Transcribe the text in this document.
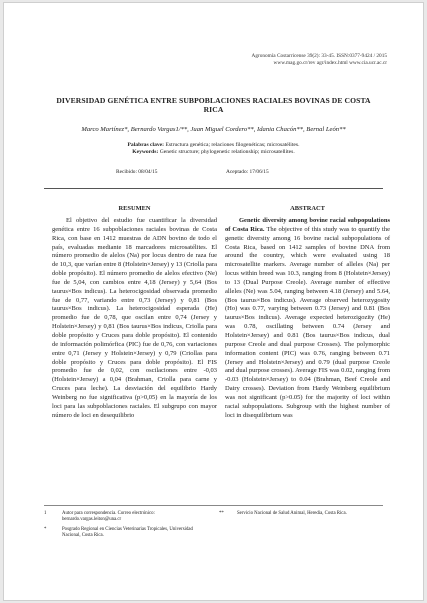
Agronomía Costarricense 39(2): 33-45. ISSN:0377-9424 / 2015
www.mag.go.cr/rev agr/index.html www.cia.ucr.ac.cr
DIVERSIDAD GENÉTICA ENTRE SUBPOBLACIONES RACIALES BOVINAS DE COSTA RICA
Marco Martínez*, Bernardo Vargas1/**, Juan Miguel Cordero**, Idania Chacón**, Bernal León**
Palabras clave: Estructura genética; relaciones filogenéticas; microsatélites.
Keywords: Genetic structure; phylogenetic relationship; microsatellites.
Recibido: 08/04/15	Aceptado: 17/06/15
RESUMEN	ABSTRACT

El objetivo del estudio fue cuantificar la diversidad genética entre 16 subpoblaciones raciales bovinas de Costa Rica, con base en 1412 muestras de ADN bovino de todo el país, evaluadas mediante 18 marcadores microsatélites. El número promedio de alelos (Na) por locus dentro de raza fue de 10,3, que varían entre 8 (Holstein×Jersey) y 13 (Criolla para doble propósito). El número promedio de alelos efectivo (Ne) fue de 5,04, con cambios entre 4,18 (Jersey) y 5,64 (Bos taurus×Bos indicus). La heterocigosidad observada promedio fue de 0,77, variando entre 0,73 (Jersey) y 0,81 (Bos taurus×Bos indicus). La heterocigosidad esperada (He) promedio fue de 0,78, que oscilan entre 0,74 (Jersey y Holstein×Jersey) y 0,81 (Bos taurus×Bos indicus, Criolla para doble propósito y Cruces para doble propósito). El contenido de información polimórfica (PIC) fue de 0,76, con variaciones entre 0,71 (Jersey y Holstein×Jersey) y 0,79 (Criollas para doble propósito y Cruces para doble propósito). El FIS promedio fue de 0,02, con oscilaciones entre -0,03 (Holstein×Jersey) a 0,04 (Brahman, Criolla para carne y Cruces para leche). La desviación del equilibrio Hardy Weinberg no fue significativa (p>0,05) en la mayoría de los loci para las subpoblaciones raciales. El subgrupo con mayor número de loci en desequilibrio

Genetic diversity among bovine racial subpopulations of Costa Rica. The objective of this study was to quantify the genetic diversity among 16 bovine racial subpopulations of Costa Rica, based on 1412 samples of bovine DNA from around the country, which were evaluated using 18 microsatellite markers. Average number of alleles (Na) per locus within breed was 10.3, ranging from 8 (Holstein×Jersey) to 13 (Dual Purpose Creole). Average number of effective alleles (Ne) was 5.04, ranging between 4.18 (Jersey) and 5.64, (Bos taurus×Bos indicus). Average observed heterozygosity (Ho) was 0.77, varying between 0.73 (Jersey) and 0.81 (Bos taurus×Bos indicus). Average expected heterozigozity (He) was 0.78, oscillating between 0.74 (Jersey and Holstein×Jersey) and 0.81 (Bos taurus×Bos indicus, dual purpose Creole and dual purpose Crosses). The polymorphic information content (PIC) was 0.76, ranging between 0.71 (Jersey and Holstein×Jersey) and 0.79 (dual purpose Creole and dual purpose crosses). Average FIS was 0.02, ranging from -0.03 (Holstein×Jersey) to 0.04 (Brahman, Beef Creole and Dairy crosses). Deviation from Hardy Weinberg equilibrium was not significant (p>0.05) for the majority of loci within racial subpopulations. Subgroup with the highest number of loci in disequilibrium was

1	Autor para correspondencia. Correo electrónico: bernardo.vargas.leiton@una.cr
*	Posgrado Regional en Ciencias Veterinarias Tropicales, Universidad Nacional, Costa Rica.
**	Servicio Nacional de Salud Animal, Heredia, Costa Rica.
